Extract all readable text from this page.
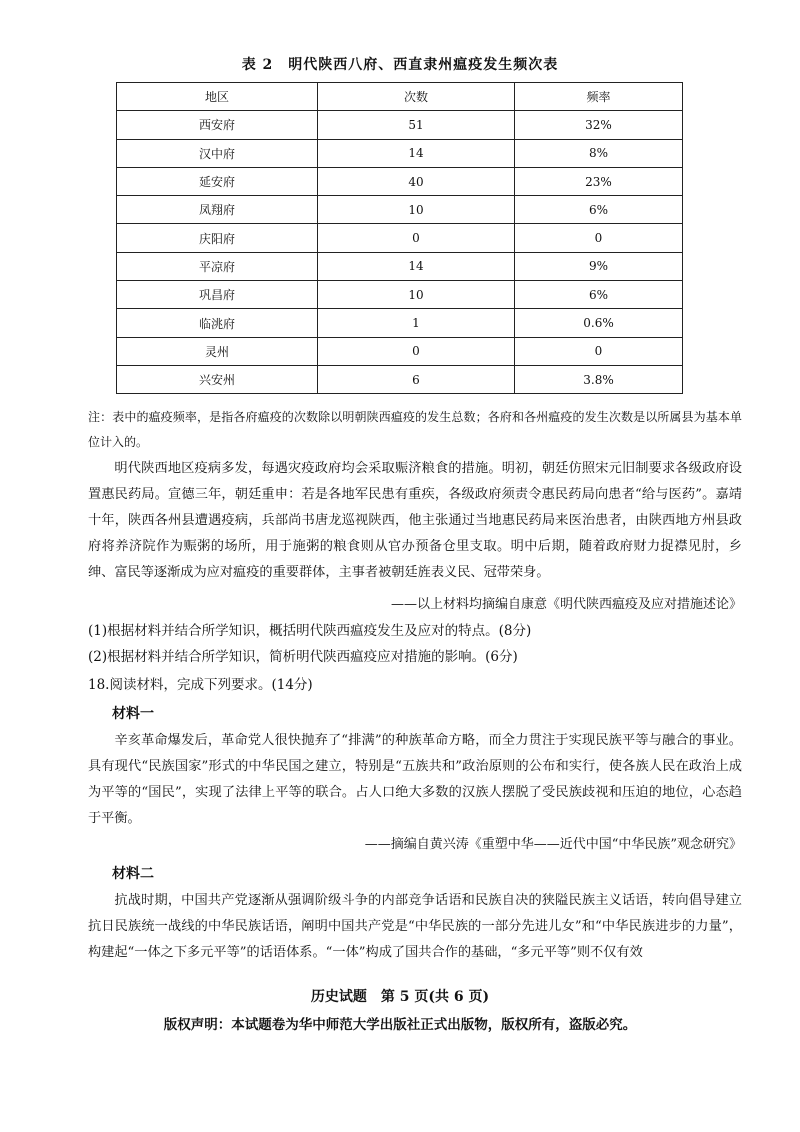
表 2　明代陕西八府、西直隶州瘟疫发生频次表
地区	次数	频率
西安府	51	32%
汉中府	14	8%
延安府	40	23%
凤翔府	10	6%
庆阳府	0	0
平凉府	14	9%
巩昌府	10	6%
临洮府	1	0.6%
灵州	0	0
兴安州	6	3.8%
注：表中的瘟疫频率，是指各府瘟疫的次数除以明朝陕西瘟疫的发生总数；各府和各州瘟疫的发生次数是以所属县为基本单位计入的。
明代陕西地区疫病多发，每遇灾疫政府均会采取赈济粮食的措施。明初，朝廷仿照宋元旧制要求各级政府设置惠民药局。宣德三年，朝廷重申：若是各地军民患有重疾，各级政府须责令惠民药局向患者“给与医药”。嘉靖十年，陕西各州县遭遇疫病，兵部尚书唐龙巡视陕西，他主张通过当地惠民药局来医治患者，由陕西地方州县政府将养济院作为赈粥的场所，用于施粥的粮食则从官办预备仓里支取。明中后期，随着政府财力捉襟见肘，乡绅、富民等逐渐成为应对瘟疫的重要群体，主事者被朝廷旌表义民、冠带荣身。
——以上材料均摘编自康意《明代陕西瘟疫及应对措施述论》
(1)根据材料并结合所学知识，概括明代陕西瘟疫发生及应对的特点。(8分)
(2)根据材料并结合所学知识，简析明代陕西瘟疫应对措施的影响。(6分)
18.阅读材料，完成下列要求。(14分)
材料一
辛亥革命爆发后，革命党人很快抛弃了“排满”的种族革命方略，而全力贯注于实现民族平等与融合的事业。具有现代“民族国家”形式的中华民国之建立，特别是“五族共和”政治原则的公布和实行，使各族人民在政治上成为平等的“国民”，实现了法律上平等的联合。占人口绝大多数的汉族人摆脱了受民族歧视和压迫的地位，心态趋于平衡。
——摘编自黄兴涛《重塑中华——近代中国“中华民族”观念研究》
材料二
抗战时期，中国共产党逐渐从强调阶级斗争的内部竞争话语和民族自决的狭隘民族主义话语，转向倡导建立抗日民族统一战线的中华民族话语，阐明中国共产党是“中华民族的一部分先进儿女”和“中华民族进步的力量”，构建起“一体之下多元平等”的话语体系。“一体”构成了国共合作的基础，“多元平等”则不仅有效
历史试题　第 5 页(共 6 页)
版权声明：本试题卷为华中师范大学出版社正式出版物，版权所有，盗版必究。
